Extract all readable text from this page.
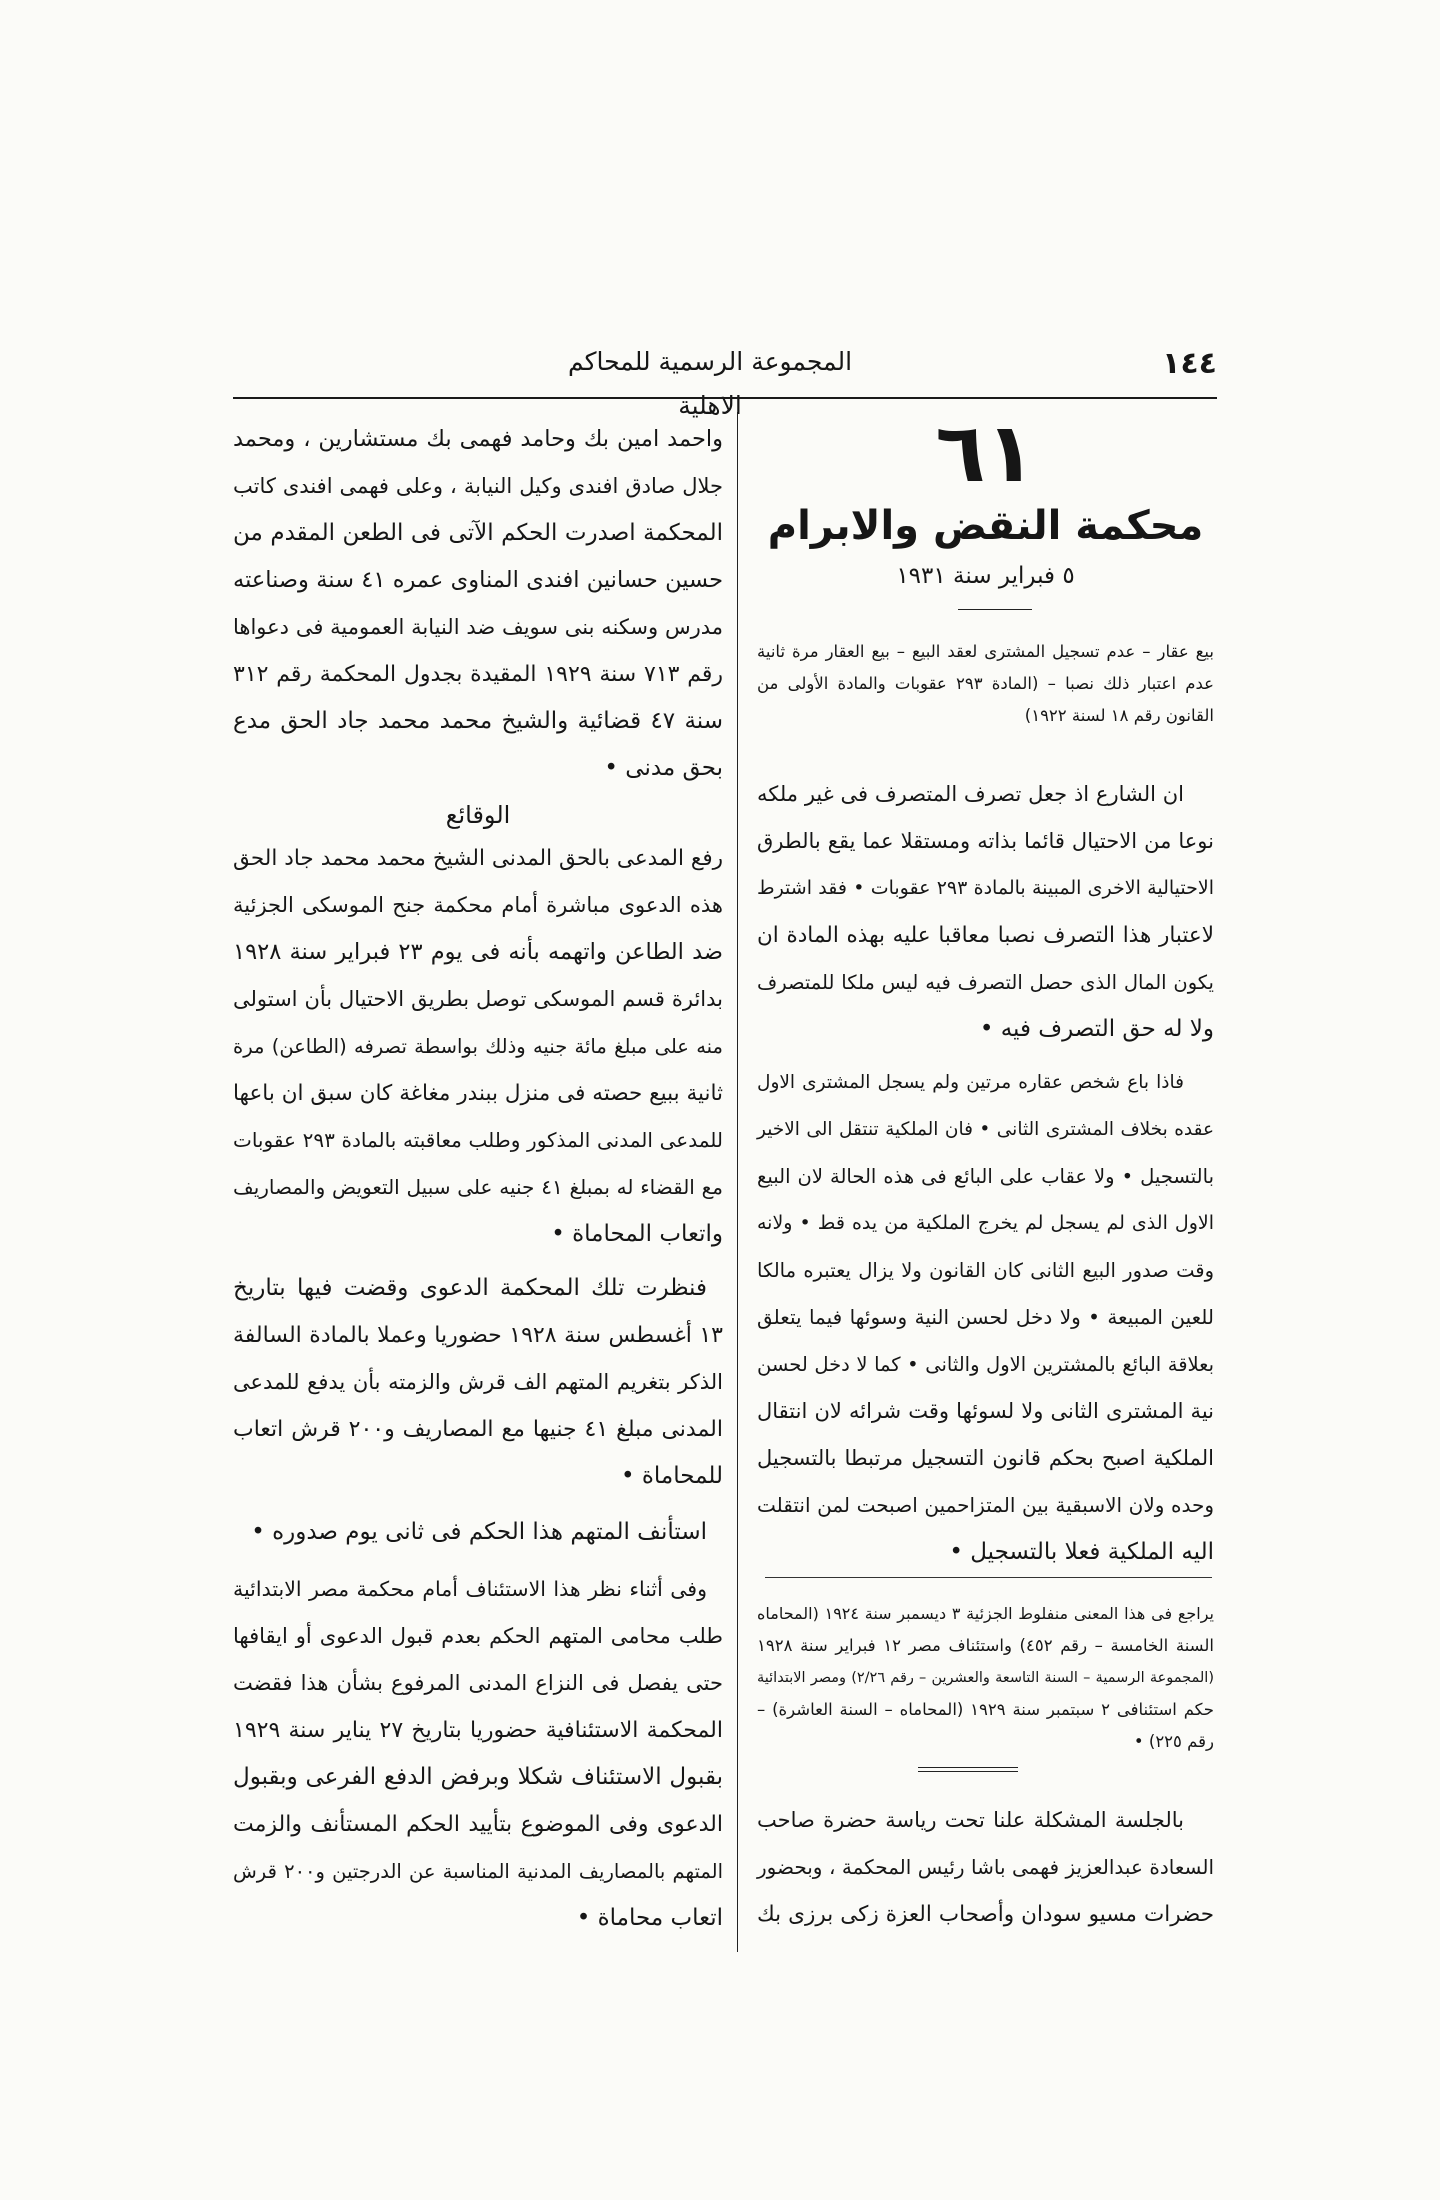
١٤٤
المجموعة الرسمية للمحاكم الاهلية
٦١
محكمة النقض والابرام
٥ فبراير سنة ١٩٣١
بيع عقار – عدم تسجيل المشترى لعقد البيع – بيع العقار مرة ثانية
عدم اعتبار ذلك نصبا – (المادة ٢٩٣ عقوبات والمادة الأولى من
القانون رقم ١٨ لسنة ١٩٢٢)
ان الشارع اذ جعل تصرف المتصرف فى غير ملكه
نوعا من الاحتيال قائما بذاته ومستقلا عما يقع بالطرق
الاحتيالية الاخرى المبينة بالمادة ٢٩٣ عقوبات • فقد اشترط
لاعتبار هذا التصرف نصبا معاقبا عليه بهذه المادة ان
يكون المال الذى حصل التصرف فيه ليس ملكا للمتصرف
ولا له حق التصرف فيه •
فاذا باع شخص عقاره مرتين ولم يسجل المشترى الاول
عقده بخلاف المشترى الثانى • فان الملكية تنتقل الى الاخير
بالتسجيل • ولا عقاب على البائع فى هذه الحالة لان البيع
الاول الذى لم يسجل لم يخرج الملكية من يده قط • ولانه
وقت صدور البيع الثانى كان القانون ولا يزال يعتبره مالكا
للعين المبيعة • ولا دخل لحسن النية وسوئها فيما يتعلق
بعلاقة البائع بالمشترين الاول والثانى • كما لا دخل لحسن
نية المشترى الثانى ولا لسوئها وقت شرائه لان انتقال
الملكية اصبح بحكم قانون التسجيل مرتبطا بالتسجيل
وحده ولان الاسبقية بين المتزاحمين اصبحت لمن انتقلت
اليه الملكية فعلا بالتسجيل •
يراجع فى هذا المعنى منفلوط الجزئية ٣ ديسمبر سنة ١٩٢٤ (المحاماه
السنة الخامسة – رقم ٤٥٢) واستئناف مصر ١٢ فبراير سنة ١٩٢٨
(المجموعة الرسمية – السنة التاسعة والعشرين – رقم ٢/٢٦) ومصر الابتدائية
حكم استئنافى ٢ سبتمبر سنة ١٩٢٩ (المحاماه – السنة العاشرة) –
رقم ٢٢٥) •
بالجلسة المشكلة علنا تحت رياسة حضرة صاحب
السعادة عبدالعزيز فهمى باشا رئيس المحكمة ، وبحضور
حضرات مسيو سودان وأصحاب العزة زكى برزى بك
واحمد امين بك وحامد فهمى بك مستشارين ، ومحمد
جلال صادق افندى وكيل النيابة ، وعلى فهمى افندى كاتب
المحكمة اصدرت الحكم الآتى فى الطعن المقدم من
حسين حسانين افندى المناوى عمره ٤١ سنة وصناعته
مدرس وسكنه بنى سويف ضد النيابة العمومية فى دعواها
رقم ٧١٣ سنة ١٩٢٩ المقيدة بجدول المحكمة رقم ٣١٢
سنة ٤٧ قضائية والشيخ محمد محمد جاد الحق مدع
بحق مدنى •
الوقائع
رفع المدعى بالحق المدنى الشيخ محمد محمد جاد الحق
هذه الدعوى مباشرة أمام محكمة جنح الموسكى الجزئية
ضد الطاعن واتهمه بأنه فى يوم ٢٣ فبراير سنة ١٩٢٨
بدائرة قسم الموسكى توصل بطريق الاحتيال بأن استولى
منه على مبلغ مائة جنيه وذلك بواسطة تصرفه (الطاعن) مرة
ثانية ببيع حصته فى منزل ببندر مغاغة كان سبق ان باعها
للمدعى المدنى المذكور وطلب معاقبته بالمادة ٢٩٣ عقوبات
مع القضاء له بمبلغ ٤١ جنيه على سبيل التعويض والمصاريف
واتعاب المحاماة •
فنظرت تلك المحكمة الدعوى وقضت فيها بتاريخ
١٣ أغسطس سنة ١٩٢٨ حضوريا وعملا بالمادة السالفة
الذكر بتغريم المتهم الف قرش والزمته بأن يدفع للمدعى
المدنى مبلغ ٤١ جنيها مع المصاريف و٢٠٠ قرش اتعاب
للمحاماة •
استأنف المتهم هذا الحكم فى ثانى يوم صدوره •
وفى أثناء نظر هذا الاستئناف أمام محكمة مصر الابتدائية
طلب محامى المتهم الحكم بعدم قبول الدعوى أو ايقافها
حتى يفصل فى النزاع المدنى المرفوع بشأن هذا فقضت
المحكمة الاستئنافية حضوريا بتاريخ ٢٧ يناير سنة ١٩٢٩
بقبول الاستئناف شكلا وبرفض الدفع الفرعى وبقبول
الدعوى وفى الموضوع بتأييد الحكم المستأنف والزمت
المتهم بالمصاريف المدنية المناسبة عن الدرجتين و٢٠٠ قرش
اتعاب محاماة •
